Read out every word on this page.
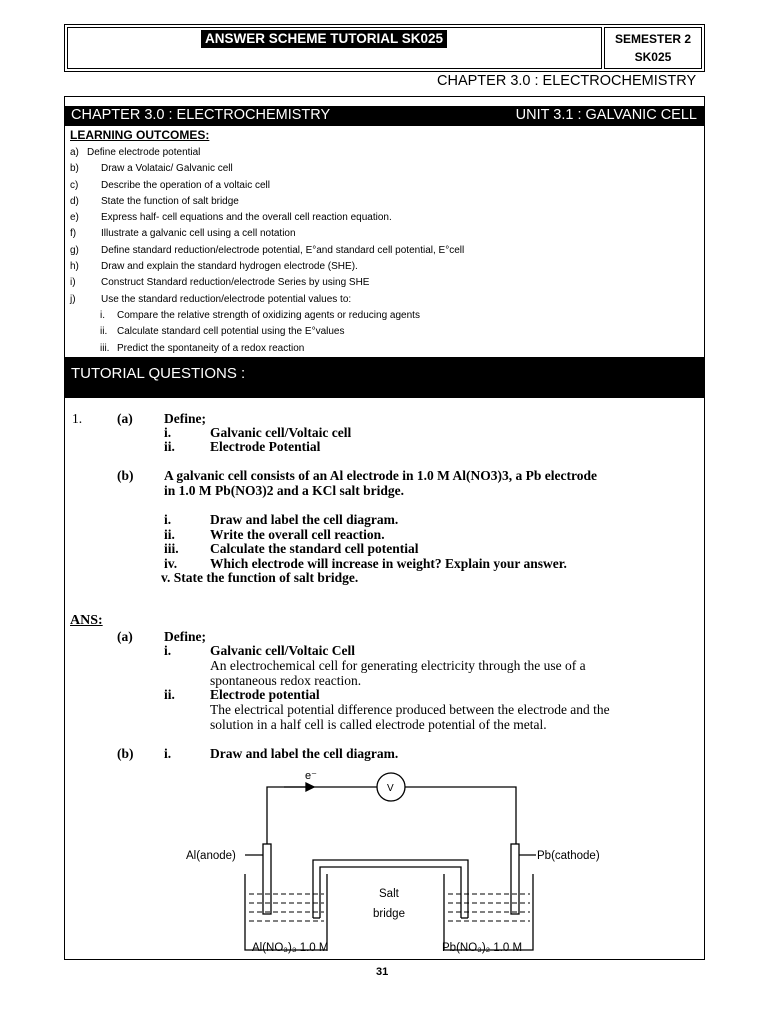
ANSWER SCHEME TUTORIAL SK025	SEMESTER 2
SK025
CHAPTER 3.0 : ELECTROCHEMISTRY
CHAPTER 3.0 : ELECTROCHEMISTRY	UNIT 3.1 : GALVANIC CELL
LEARNING OUTCOMES:
a) Define electrode potential
b) Draw a Volataic/ Galvanic cell
c) Describe the operation of a voltaic cell
d) State the function of salt bridge
e) Express half- cell equations and the overall cell reaction equation.
f) Illustrate a galvanic cell using a cell notation
g) Define standard reduction/electrode potential, E°and standard cell potential, E°cell
h) Draw and explain the standard hydrogen electrode (SHE).
i)	Construct Standard reduction/electrode Series by using SHE
j)	Use the standard reduction/electrode potential values to:
i. Compare the relative strength of oxidizing agents or reducing agents
ii. Calculate standard cell potential using the E°values
iii. Predict the spontaneity of a redox reaction
TUTORIAL QUESTIONS :
1.	(a) Define;
i.	Galvanic cell/Voltaic cell
ii.	Electrode Potential
(b) A galvanic cell consists of an Al electrode in 1.0 M Al(NO3)3, a Pb electrode
in 1.0 M Pb(NO3)2 and a KCl salt bridge.
i.	Draw and label the cell diagram.
ii.	Write the overall cell reaction.
iii. Calculate the standard cell potential
iv. Which electrode will increase in weight? Explain your answer.
v. State the function of salt bridge.
ANS:
(a) Define;
i.	Galvanic cell/Voltaic Cell
An electrochemical cell for generating electricity through the use of a
spontaneous redox reaction.
ii.	Electrode potential
The electrical potential difference produced between the electrode and the
solution in a half cell is called electrode potential of the metal.
(b) i.	Draw and label the cell diagram.
e⁻
V
Al(anode)	Pb(cathode)
Salt
bridge
Al(NO₃)₃ 1.0 M	Pb(NO₃)₂ 1.0 M
31
